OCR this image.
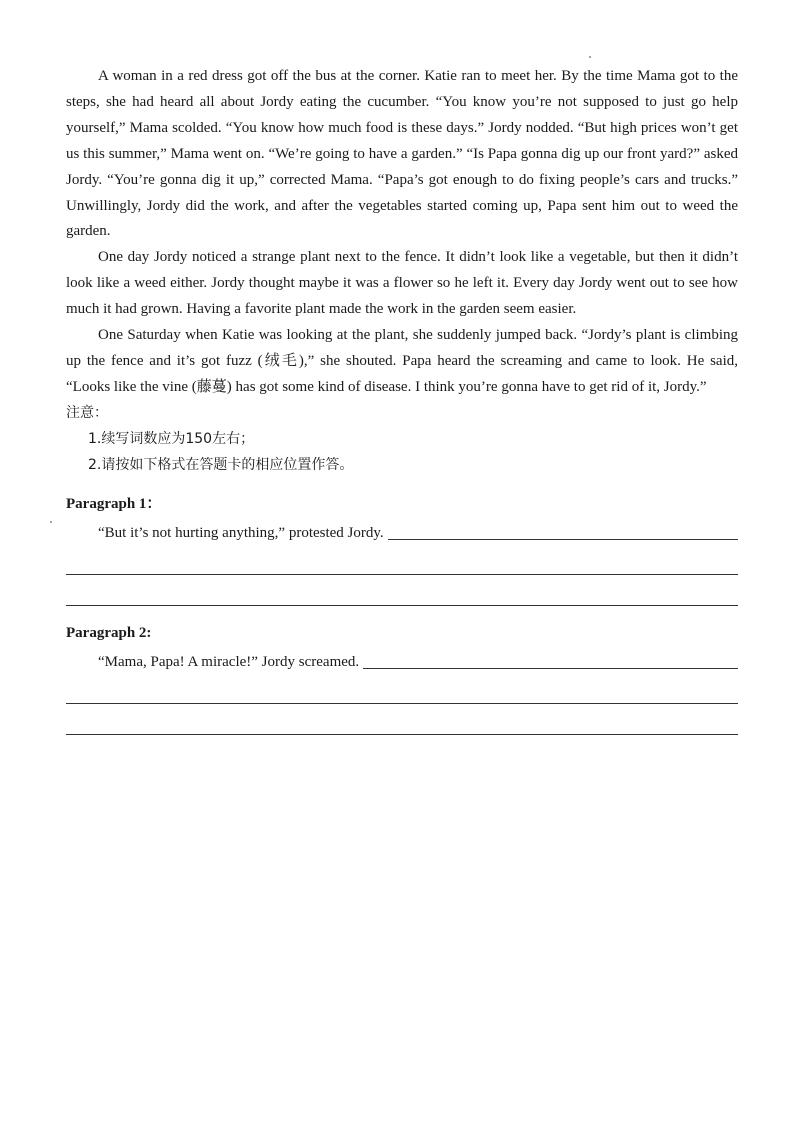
A woman in a red dress got off the bus at the corner. Katie ran to meet her. By the time Mama got to the steps, she had heard all about Jordy eating the cucumber. “You know you’re not supposed to just go help yourself,” Mama scolded. “You know how much food is these days.” Jordy nodded. “But high prices won’t get us this summer,” Mama went on. “We’re going to have a garden.” “Is Papa gonna dig up our front yard?” asked Jordy. “You’re gonna dig it up,” corrected Mama. “Papa’s got enough to do fixing people’s cars and trucks.” Unwillingly, Jordy did the work, and after the vegetables started coming up, Papa sent him out to weed the garden.

One day Jordy noticed a strange plant next to the fence. It didn’t look like a vegetable, but then it didn’t look like a weed either. Jordy thought maybe it was a flower so he left it. Every day Jordy went out to see how much it had grown. Having a favorite plant made the work in the garden seem easier.

One Saturday when Katie was looking at the plant, she suddenly jumped back. “Jordy’s plant is climbing up the fence and it’s got fuzz (绒毛),” she shouted. Papa heard the screaming and came to look. He said, “Looks like the vine (藤蔓) has got some kind of disease. I think you’re gonna have to get rid of it, Jordy.”

注意：

1.续写词数应为150左右；

2.请按如下格式在答题卡的相应位置作答。

Paragraph 1：

“But it’s not hurting anything,” protested Jordy.

Paragraph 2:

“Mama, Papa! A miracle!” Jordy screamed.
